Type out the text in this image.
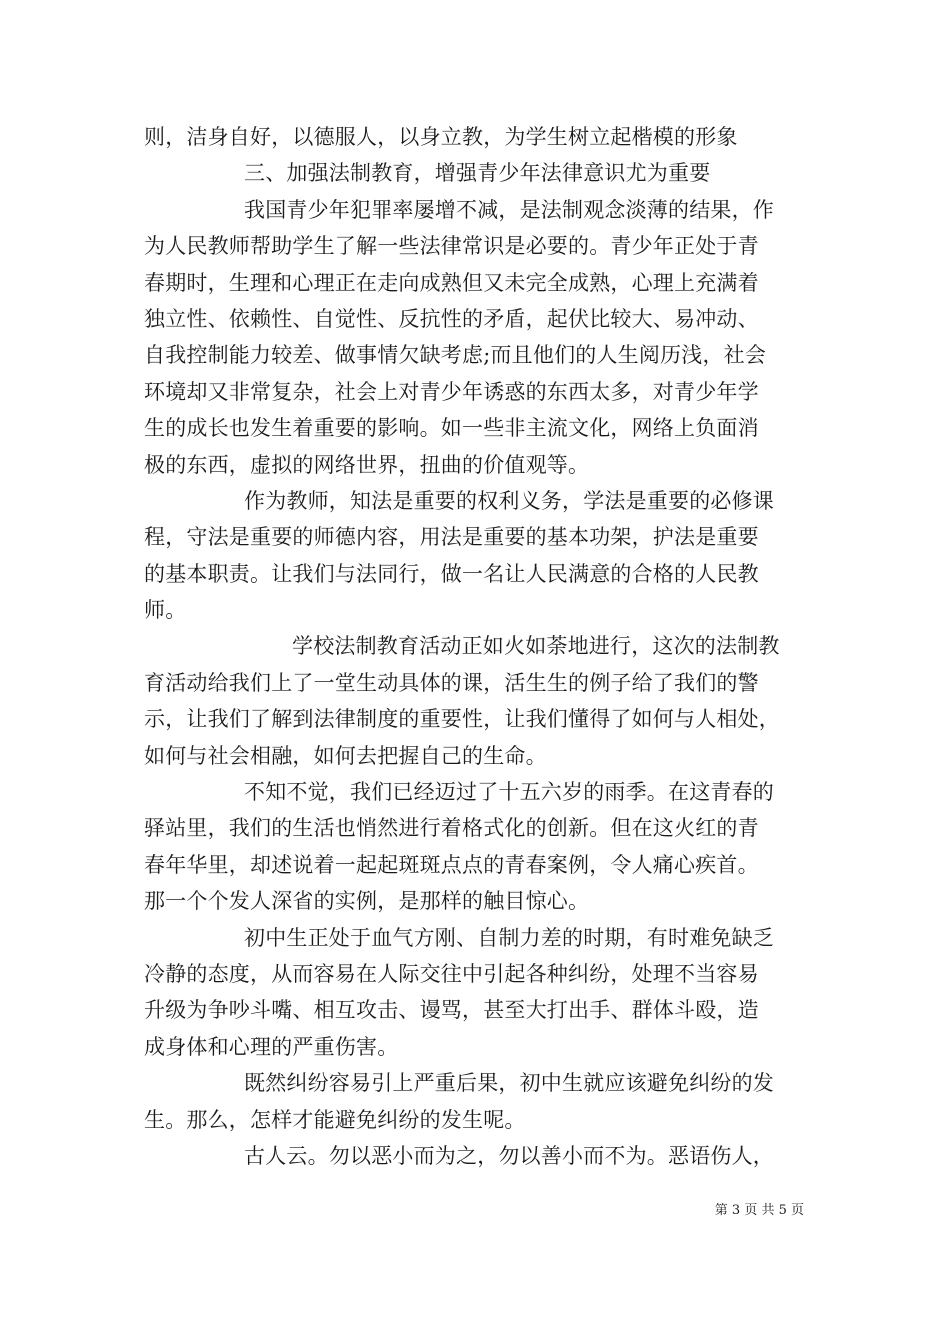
则，洁身自好，以德服人，以身立教，为学生树立起楷模的形象
三、加强法制教育，增强青少年法律意识尤为重要
我国青少年犯罪率屡增不减，是法制观念淡薄的结果，作
为人民教师帮助学生了解一些法律常识是必要的。青少年正处于青
春期时，生理和心理正在走向成熟但又未完全成熟，心理上充满着
独立性、依赖性、自觉性、反抗性的矛盾，起伏比较大、易冲动、
自我控制能力较差、做事情欠缺考虑;而且他们的人生阅历浅，社会
环境却又非常复杂，社会上对青少年诱惑的东西太多，对青少年学
生的成长也发生着重要的影响。如一些非主流文化，网络上负面消
极的东西，虚拟的网络世界，扭曲的价值观等。
作为教师，知法是重要的权利义务，学法是重要的必修课
程，守法是重要的师德内容，用法是重要的基本功架，护法是重要
的基本职责。让我们与法同行，做一名让人民满意的合格的人民教
师。
学校法制教育活动正如火如荼地进行，这次的法制教
育活动给我们上了一堂生动具体的课，活生生的例子给了我们的警
示，让我们了解到法律制度的重要性，让我们懂得了如何与人相处，
如何与社会相融，如何去把握自己的生命。
不知不觉，我们已经迈过了十五六岁的雨季。在这青春的
驿站里，我们的生活也悄然进行着格式化的创新。但在这火红的青
春年华里，却述说着一起起斑斑点点的青春案例，令人痛心疾首。
那一个个发人深省的实例，是那样的触目惊心。
初中生正处于血气方刚、自制力差的时期，有时难免缺乏
冷静的态度，从而容易在人际交往中引起各种纠纷，处理不当容易
升级为争吵斗嘴、相互攻击、谩骂，甚至大打出手、群体斗殴，造
成身体和心理的严重伤害。
既然纠纷容易引上严重后果，初中生就应该避免纠纷的发
生。那么，怎样才能避免纠纷的发生呢。
古人云。勿以恶小而为之，勿以善小而不为。恶语伤人，
第 3 页 共 5 页
